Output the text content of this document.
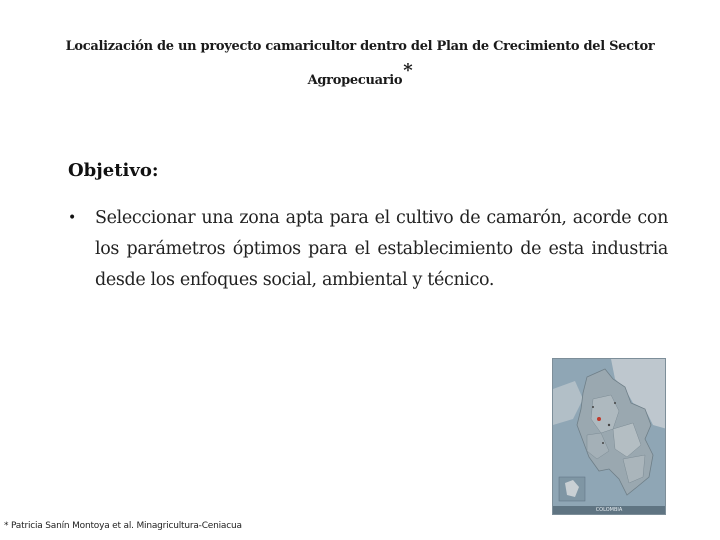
Localización de un proyecto camaricultor dentro del Plan de Crecimiento del Sector
Agropecuario*
Objetivo:
• Seleccionar una zona apta para el cultivo de camarón, acorde con los parámetros óptimos para el establecimiento de esta industria desde los enfoques social, ambiental y técnico.

COLOMBIA
* Patricia Sanín Montoya et al. Minagricultura-Ceniacua
